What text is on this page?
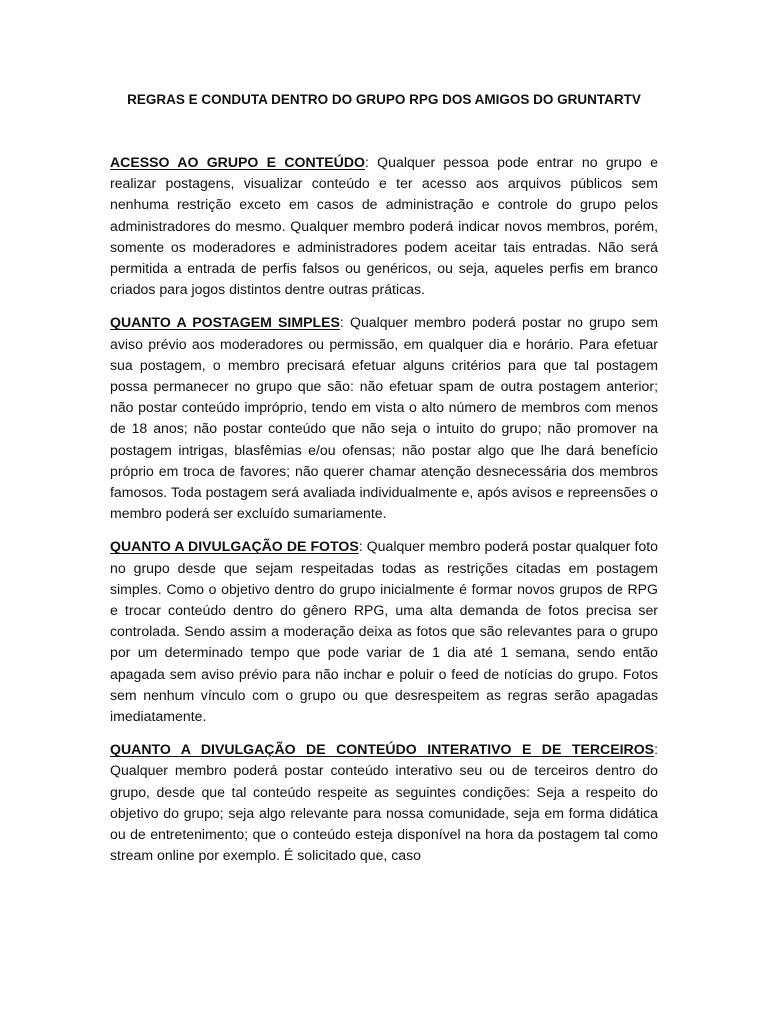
REGRAS E CONDUTA DENTRO DO GRUPO RPG DOS AMIGOS DO GRUNTARTV

ACESSO AO GRUPO E CONTEÚDO: Qualquer pessoa pode entrar no grupo e realizar postagens, visualizar conteúdo e ter acesso aos arquivos públicos sem nenhuma restrição exceto em casos de administração e controle do grupo pelos administradores do mesmo. Qualquer membro poderá indicar novos membros, porém, somente os moderadores e administradores podem aceitar tais entradas. Não será permitida a entrada de perfis falsos ou genéricos, ou seja, aqueles perfis em branco criados para jogos distintos dentre outras práticas.

QUANTO A POSTAGEM SIMPLES: Qualquer membro poderá postar no grupo sem aviso prévio aos moderadores ou permissão, em qualquer dia e horário. Para efetuar sua postagem, o membro precisará efetuar alguns critérios para que tal postagem possa permanecer no grupo que são: não efetuar spam de outra postagem anterior; não postar conteúdo impróprio, tendo em vista o alto número de membros com menos de 18 anos; não postar conteúdo que não seja o intuito do grupo; não promover na postagem intrigas, blasfêmias e/ou ofensas; não postar algo que lhe dará benefício próprio em troca de favores; não querer chamar atenção desnecessária dos membros famosos. Toda postagem será avaliada individualmente e, após avisos e repreensões o membro poderá ser excluído sumariamente.

QUANTO A DIVULGAÇÃO DE FOTOS: Qualquer membro poderá postar qualquer foto no grupo desde que sejam respeitadas todas as restrições citadas em postagem simples. Como o objetivo dentro do grupo inicialmente é formar novos grupos de RPG e trocar conteúdo dentro do gênero RPG, uma alta demanda de fotos precisa ser controlada. Sendo assim a moderação deixa as fotos que são relevantes para o grupo por um determinado tempo que pode variar de 1 dia até 1 semana, sendo então apagada sem aviso prévio para não inchar e poluir o feed de notícias do grupo. Fotos sem nenhum vínculo com o grupo ou que desrespeitem as regras serão apagadas imediatamente.

QUANTO A DIVULGAÇÃO DE CONTEÚDO INTERATIVO E DE TERCEIROS: Qualquer membro poderá postar conteúdo interativo seu ou de terceiros dentro do grupo, desde que tal conteúdo respeite as seguintes condições: Seja a respeito do objetivo do grupo; seja algo relevante para nossa comunidade, seja em forma didática ou de entretenimento; que o conteúdo esteja disponível na hora da postagem tal como stream online por exemplo. É solicitado que, caso
